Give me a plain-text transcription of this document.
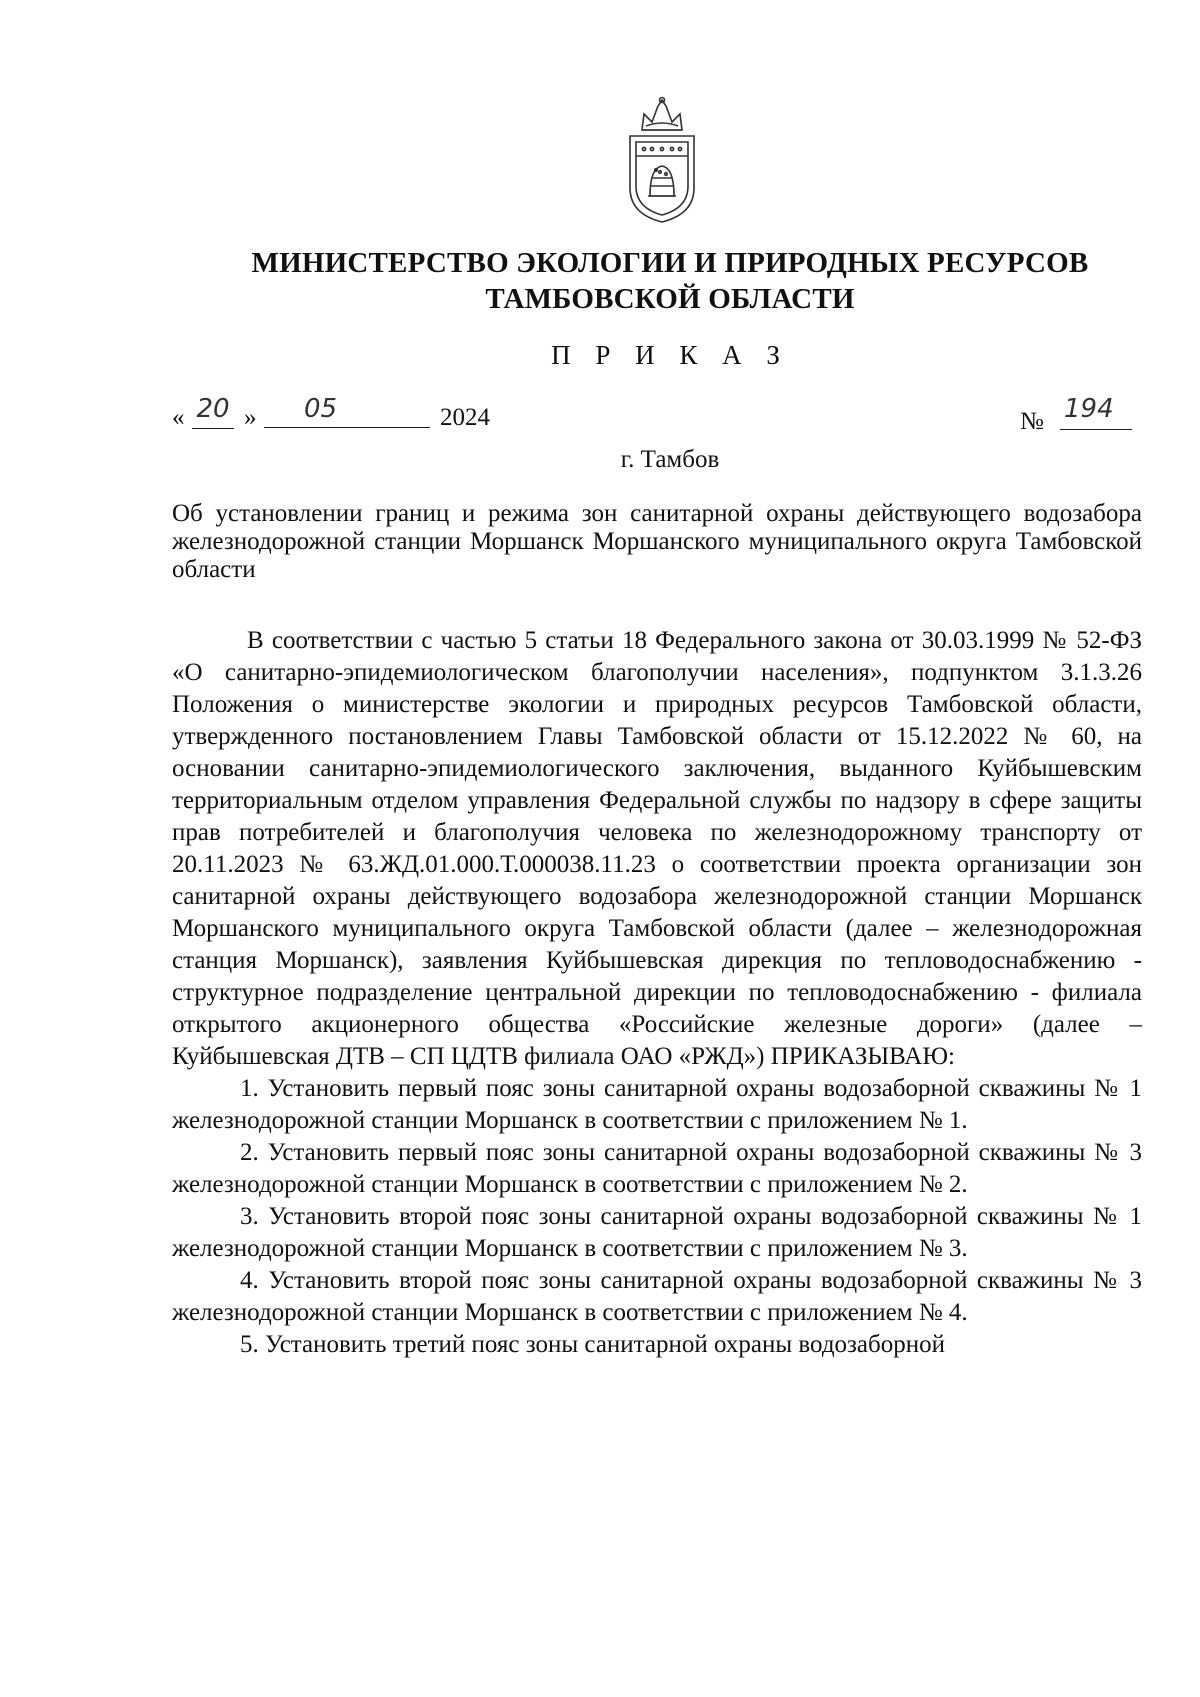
МИНИСТЕРСТВО ЭКОЛОГИИ И ПРИРОДНЫХ РЕСУРСОВ
ТАМБОВСКОЙ ОБЛАСТИ
П Р И К А З
« 20 »	05	2024	№ 194
г. Тамбов
Об установлении границ и режима зон санитарной охраны действующего водозабора железнодорожной станции Моршанск Моршанского муниципального округа Тамбовской области

В соответствии с частью 5 статьи 18 Федерального закона от 30.03.1999 № 52-ФЗ «О санитарно-эпидемиологическом благополучии населения», подпунктом 3.1.3.26 Положения о министерстве экологии и природных ресурсов Тамбовской области, утвержденного постановлением Главы Тамбовской области от 15.12.2022 № 60, на основании санитарно-эпидемиологического заключения, выданного Куйбышевским территориальным отделом управления Федеральной службы по надзору в сфере защиты прав потребителей и благополучия человека по железнодорожному транспорту от 20.11.2023 № 63.ЖД.01.000.Т.000038.11.23 о соответствии проекта организации зон санитарной охраны действующего водозабора железнодорожной станции Моршанск Моршанского муниципального округа Тамбовской области (далее – железнодорожная станция Моршанск), заявления Куйбышевская дирекция по тепловодоснабжению - структурное подразделение центральной дирекции по тепловодоснабжению - филиала открытого акционерного общества «Российские железные дороги» (далее – Куйбышевская ДТВ – СП ЦДТВ филиала ОАО «РЖД») ПРИКАЗЫВАЮ:

1. Установить первый пояс зоны санитарной охраны водозаборной скважины № 1 железнодорожной станции Моршанск в соответствии с приложением № 1.

2. Установить первый пояс зоны санитарной охраны водозаборной скважины № 3 железнодорожной станции Моршанск в соответствии с приложением № 2.

3. Установить второй пояс зоны санитарной охраны водозаборной скважины № 1 железнодорожной станции Моршанск в соответствии с приложением № 3.

4. Установить второй пояс зоны санитарной охраны водозаборной скважины № 3 железнодорожной станции Моршанск в соответствии с приложением № 4.

5. Установить третий пояс зоны санитарной охраны водозаборной
